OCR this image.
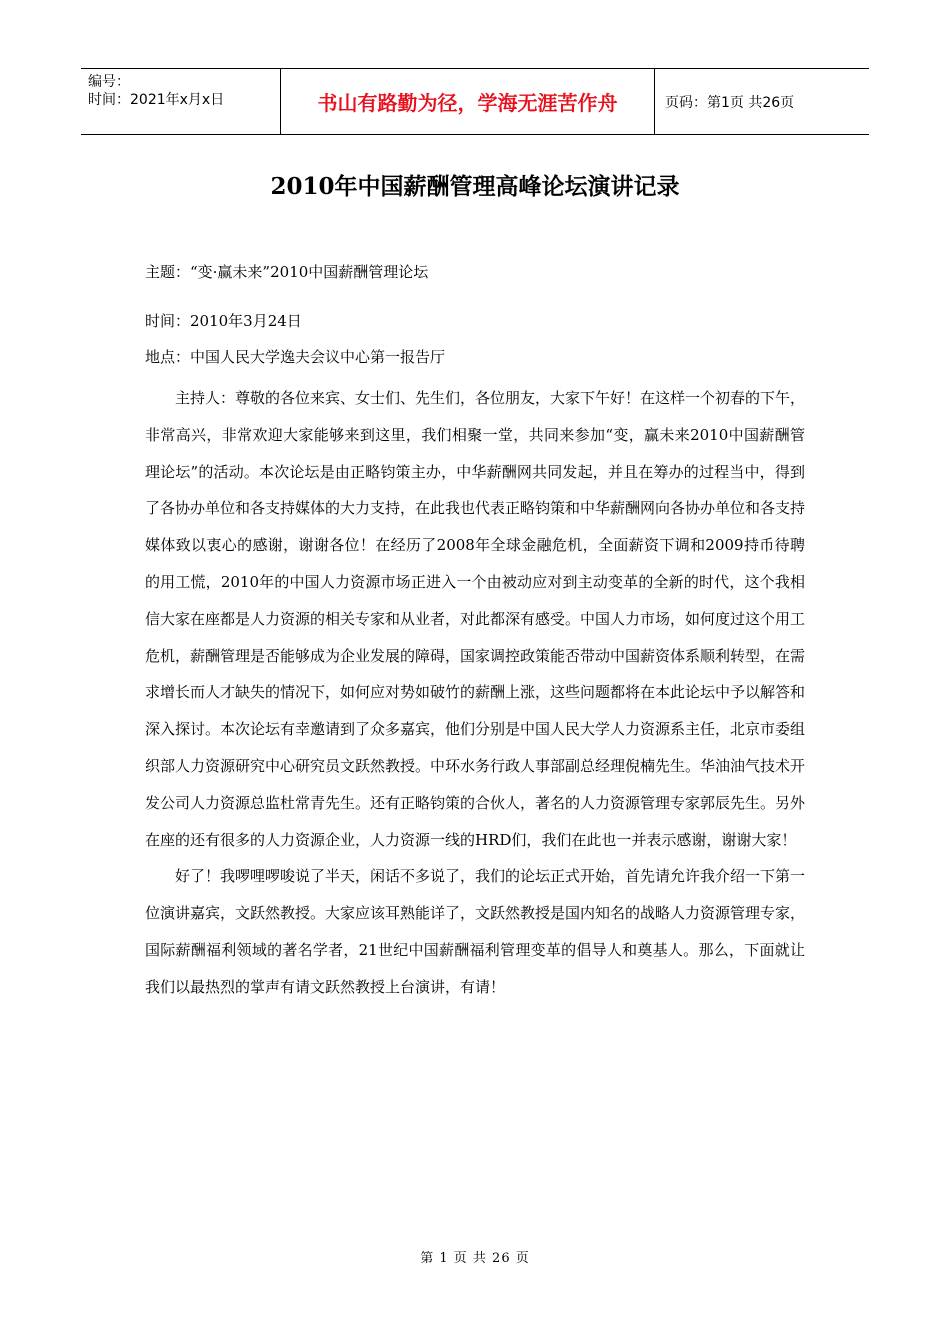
编号：
时间：2021年x月x日	书山有路勤为径，学海无涯苦作舟	页码：第1页 共26页
2010年中国薪酬管理高峰论坛演讲记录
主题：“变·赢未来”2010中国薪酬管理论坛
时间：2010年3月24日
地点：中国人民大学逸夫会议中心第一报告厅

主持人：尊敬的各位来宾、女士们、先生们，各位朋友，大家下午好！在这样一个初春的下午，非常高兴，非常欢迎大家能够来到这里，我们相聚一堂，共同来参加“变，赢未来2010中国薪酬管理论坛”的活动。本次论坛是由正略钧策主办，中华薪酬网共同发起，并且在筹办的过程当中，得到了各协办单位和各支持媒体的大力支持，在此我也代表正略钧策和中华薪酬网向各协办单位和各支持媒体致以衷心的感谢，谢谢各位！在经历了2008年全球金融危机，全面薪资下调和2009持币待聘的用工慌，2010年的中国人力资源市场正进入一个由被动应对到主动变革的全新的时代，这个我相信大家在座都是人力资源的相关专家和从业者，对此都深有感受。中国人力市场，如何度过这个用工危机，薪酬管理是否能够成为企业发展的障碍，国家调控政策能否带动中国薪资体系顺利转型，在需求增长而人才缺失的情况下，如何应对势如破竹的薪酬上涨，这些问题都将在本此论坛中予以解答和深入探讨。本次论坛有幸邀请到了众多嘉宾，他们分别是中国人民大学人力资源系主任，北京市委组织部人力资源研究中心研究员文跃然教授。中环水务行政人事部副总经理倪楠先生。华油油气技术开发公司人力资源总监杜常青先生。还有正略钧策的合伙人，著名的人力资源管理专家郭辰先生。另外在座的还有很多的人力资源企业，人力资源一线的HRD们，我们在此也一并表示感谢，谢谢大家！

好了！我啰哩啰唆说了半天，闲话不多说了，我们的论坛正式开始，首先请允许我介绍一下第一位演讲嘉宾，文跃然教授。大家应该耳熟能详了，文跃然教授是国内知名的战略人力资源管理专家，国际薪酬福利领域的著名学者，21世纪中国薪酬福利管理变革的倡导人和奠基人。那么，下面就让我们以最热烈的掌声有请文跃然教授上台演讲，有请！

第 1 页 共 26 页
